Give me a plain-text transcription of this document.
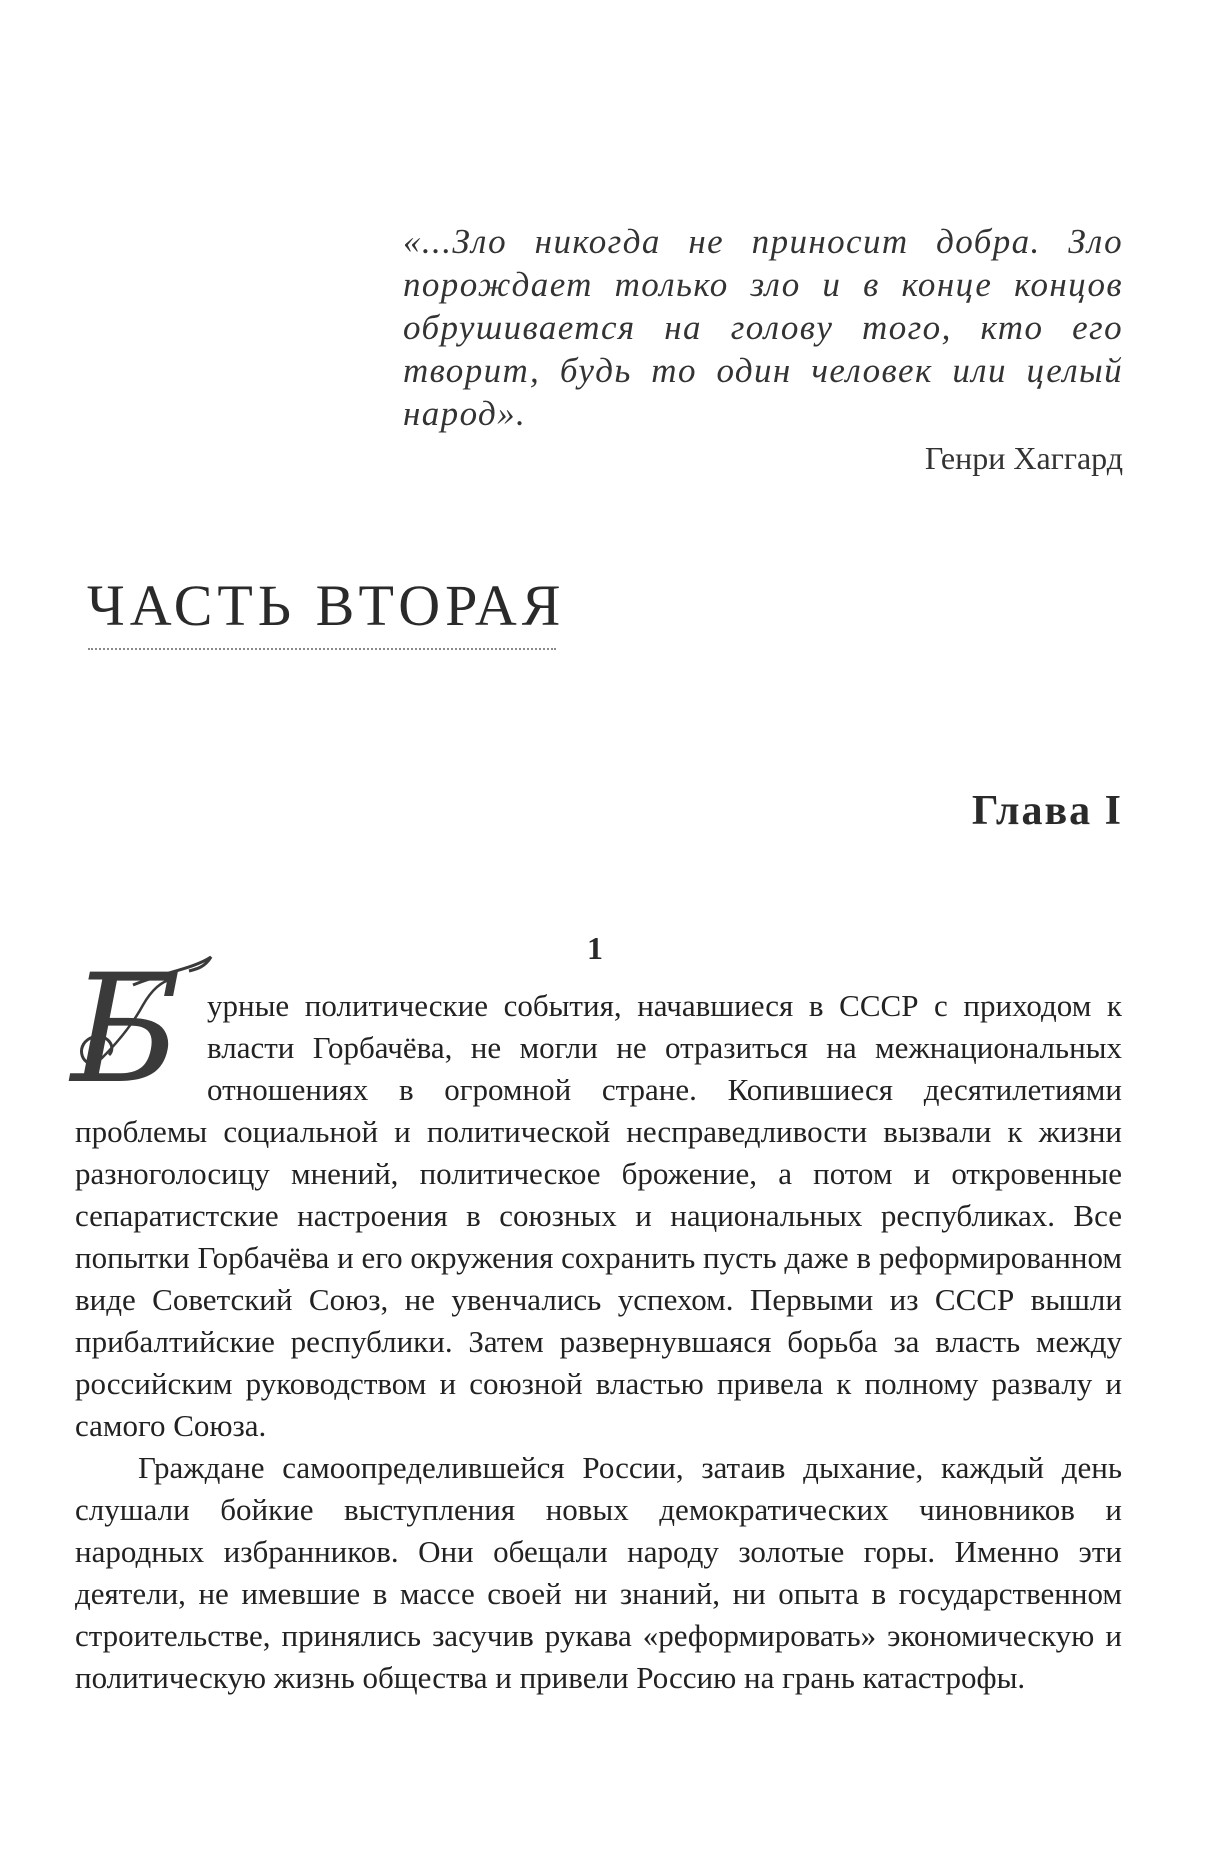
«...Зло никогда не приносит добра. Зло порождает только зло и в конце концов обрушивается на голову того, кто его творит, будь то один человек или целый народ».

Генри Хаггард
ЧАСТЬ ВТОРАЯ
Глава I
1
Б урные политические события, начавшиеся в СССР с приходом к власти Горбачёва, не могли не отразиться на межнациональных отношениях в огромной стране. Копившиеся десятилетиями проблемы социальной и политической несправедливости вызвали к жизни разноголосицу мнений, политическое брожение, а потом и откровенные сепаратистские настроения в союзных и национальных республиках. Все попытки Горбачёва и его окружения сохранить пусть даже в реформированном виде Советский Союз, не увенчались успехом. Первыми из СССР вышли прибалтийские республики. Затем развернувшаяся борьба за власть между российским руководством и союзной властью привела к полному развалу и самого Союза.

Граждане самоопределившейся России, затаив дыхание, каждый день слушали бойкие выступления новых демократических чиновников и народных избранников. Они обещали народу золотые горы. Именно эти деятели, не имевшие в массе своей ни знаний, ни опыта в государственном строительстве, принялись засучив рукава «реформировать» экономическую и политическую жизнь общества и привели Россию на грань катастрофы.
